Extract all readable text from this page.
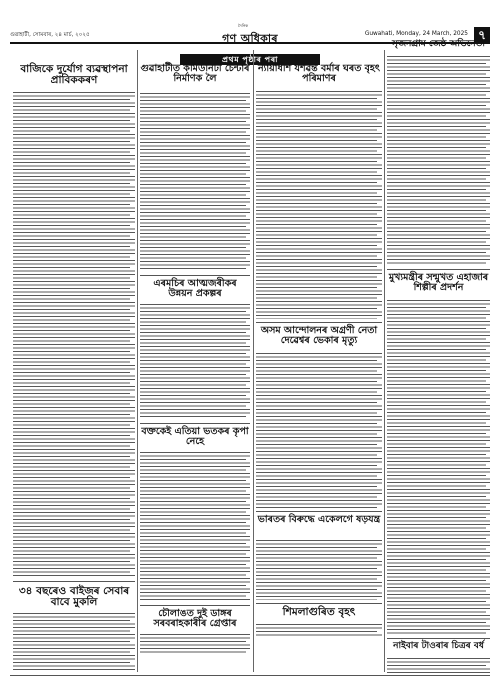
গুৱাহাটী, সোমবাৰ, ২৪ মাৰ্চ, ২০২৫
দৈনিক
গণ অধিকাৰ	Guwahati, Monday, 24 March, 2025 ৭
প্ৰথম পৃষ্ঠাৰ পৰা
বাজিকে দুৰ্যোগ ব্যৱস্থাপনা প্ৰাবিককৰণ
৩৪ বছৰেও বাইজৰ সেবাৰ বাবে মুকলি
গুৱাহাটীত কমিউনিটী চেন্টাৰ নিৰ্মাণক লৈ
এৰমচিৰ আত্মজৰীকৰ উন্নয়ন প্ৰকল্পৰ
বক্তকেই এতিয়া ভতকৰ কৃপা নেহে
চৌলাঙত দুই ডাঙ্গৰ সৰবৰাহকাৰীৰ গ্ৰেপ্তাৰ
ন্যায়াধীশ যশৱন্ত বৰ্মাৰ ঘৰত বৃহৎ পৰিমাণৰ
অসম আন্দোলনৰ অগ্ৰণী নেতা দেৱেশ্বৰ ভেকাৰ মৃত্যু
ভাৰতৰ বিৰুদ্ধে একেলগে ষড়যন্ত্ৰ
শিমলাগুৰিত বৃহৎ
সৃজনগ্ৰাম জেষ্ঠ অভিনেতা
মুখ্যমন্ত্ৰীৰ সন্মুখত এহাজাৰ শিল্পীৰ প্ৰদৰ্শন
নাইবাৰ টাওৰাৰ চিত্ৰৰ বৰ্ধ
